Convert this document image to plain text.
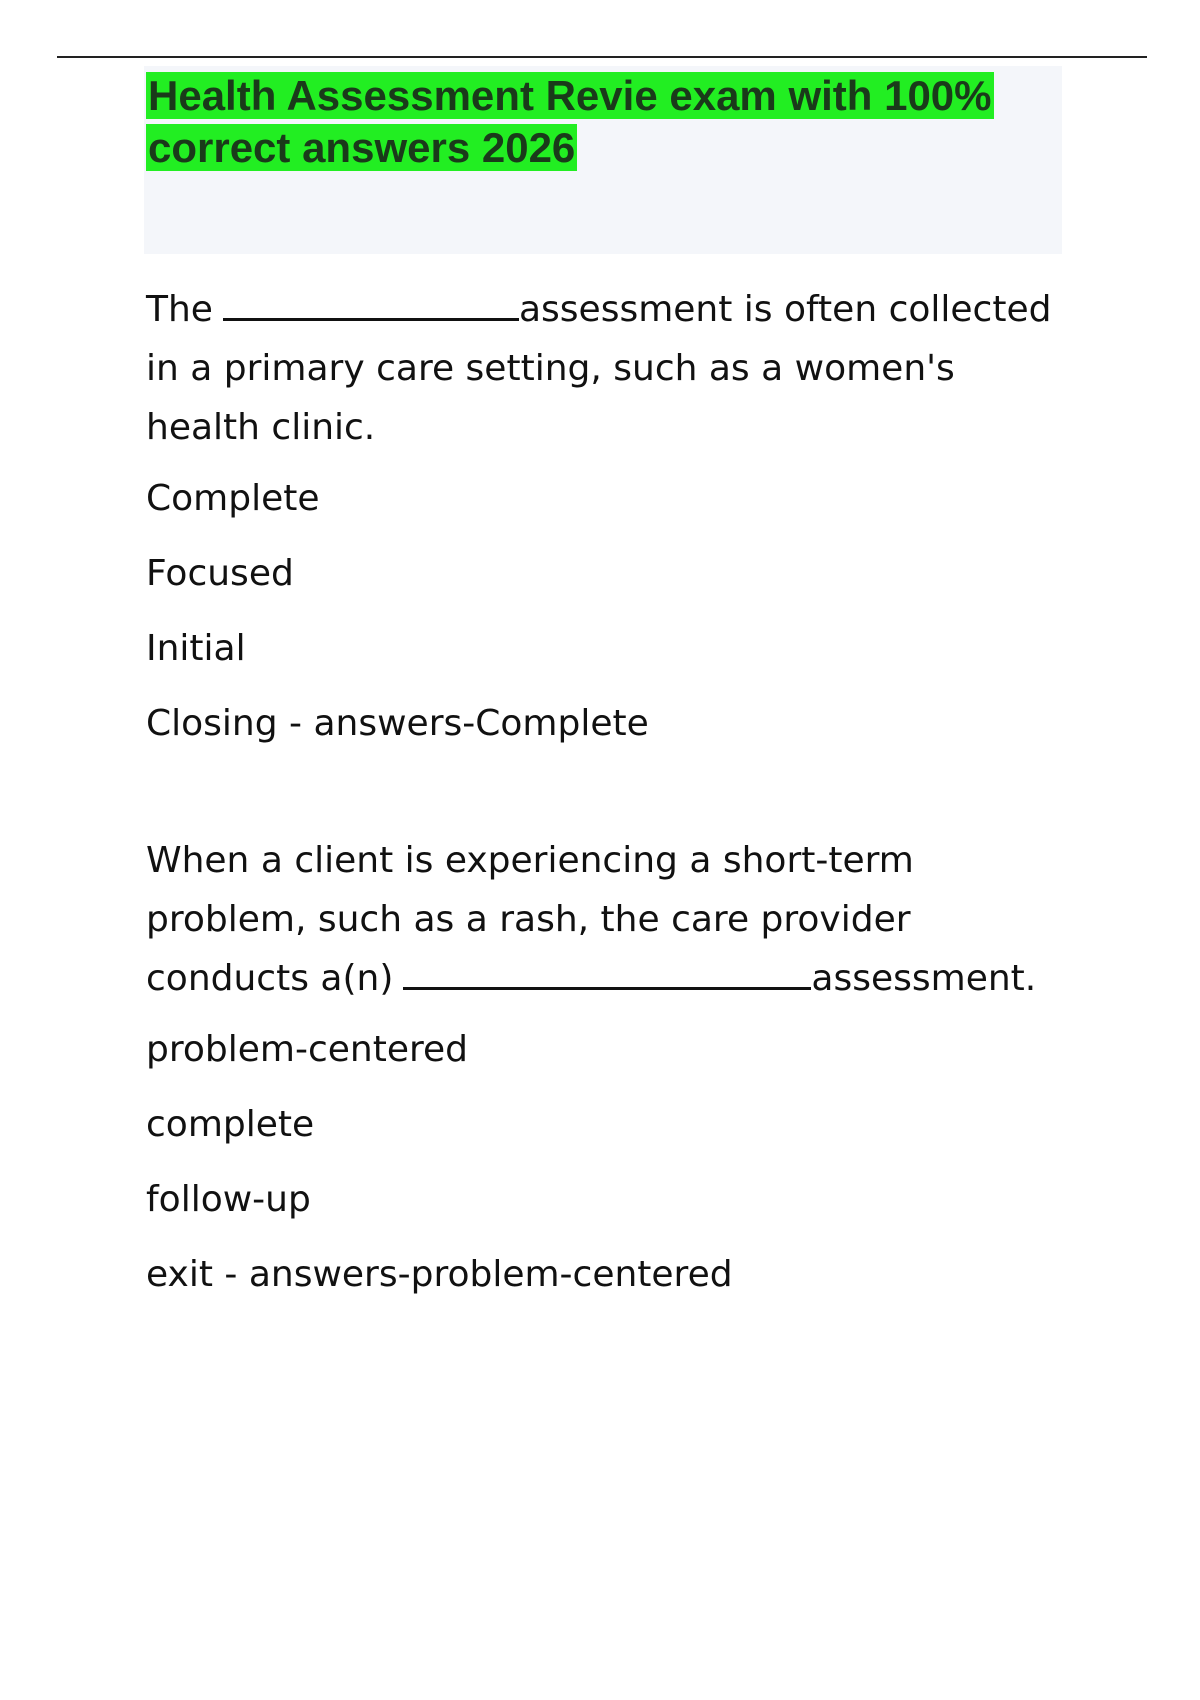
Health Assessment Revie exam with 100% correct answers 2026

The	assessment is often collected in a primary care setting, such as a women's health clinic.

Complete

Focused

Initial

Closing - answers-Complete

When a client is experiencing a short-term problem, such as a rash, the care provider conducts a(n)	assessment.

problem-centered

complete

follow-up

exit - answers-problem-centered
